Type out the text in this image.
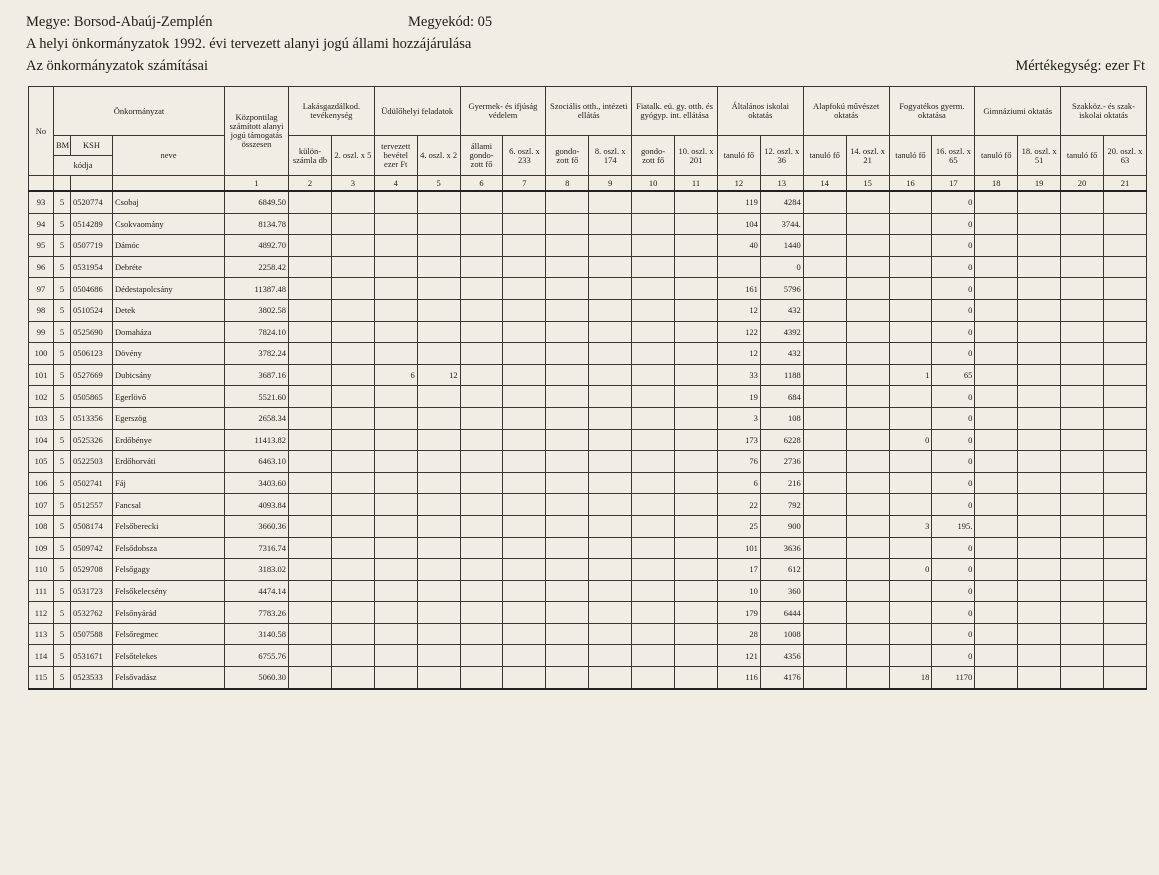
Megye: Borsod-Abaúj-Zemplén	Megyekód: 05
A helyi önkormányzatok 1992. évi tervezett alanyi jogú állami hozzájárulása
Az önkormányzatok számításai	Mértékegység: ezer Ft
No	Önkormányzat			Központilag számított alanyi jogú támogatás összesen	Lakásgazdálkod. tevékenység		Üdülőhelyi feladatok		Gyermek- és ifjúság védelem		Szociális otth., intézeti ellátás		Fiatalk. eü. gy. otth. és gyógyp. int. ellátása		Általános iskolai oktatás		Alapfokú művészet oktatás		Fogyatékos gyerm. oktatása		Gimnáziumi oktatás		Szakköz.- és szak- iskolai oktatás	
	BM	KSH	neve		külön- számla db	2. oszl. x 5	tervezett bevétel ezer Ft	4. oszl. x 2	állami gondo- zott fő	6. oszl. x 233	gondo- zott fő	8. oszl. x 174	gondo- zott fő	10. oszl. x 201	tanuló fő	12. oszl. x 36	tanuló fő	14. oszl. x 21	tanuló fő	16. oszl. x 65	tanuló fő	18. oszl. x 51	tanuló fő	20. oszl. x 63
	kódja																							
				1	2	3	4	5	6	7	8	9	10	11	12	13	14	15	16	17	18	19	20	21
93	5	0520774	Csobaj	6849.50											119	4284				0				
94	5	0514289	Csokvaomány	8134.78											104	3744.				0				
95	5	0507719	Dámóc	4892.70											40	1440				0				
96	5	0531954	Debréte	2258.42												0				0				
97	5	0504686	Dédestapolcsány	11387.48											161	5796				0				
98	5	0510524	Detek	3802.58											12	432				0				
99	5	0525690	Domaháza	7824.10											122	4392				0				
100	5	0506123	Dövény	3782.24											12	432				0				
101	5	0527669	Dubicsány	3687.16			6	12							33	1188			1	65				
102	5	0505865	Egerlövő	5521.60											19	684				0				
103	5	0513356	Egerszög	2658.34											3	108				0				
104	5	0525326	Erdőbénye	11413.82											173	6228			0	0				
105	5	0522503	Erdőhorváti	6463.10											76	2736				0				
106	5	0502741	Fáj	3403.60											6	216				0				
107	5	0512557	Fancsal	4093.84											22	792				0				
108	5	0508174	Felsőberecki	3660.36											25	900			3	195.				
109	5	0509742	Felsődobsza	7316.74											101	3636				0				
110	5	0529708	Felsőgagy	3183.02											17	612			0	0				
111	5	0531723	Felsőkelecsény	4474.14											10	360				0				
112	5	0532762	Felsőnyárád	7783.26											179	6444				0				
113	5	0507588	Felsőregmec	3140.58											28	1008				0				
114	5	0531671	Felsőtelekes	6755.76											121	4356				0				
115	5	0523533	Felsővadász	5060.30											116	4176			18	1170				
